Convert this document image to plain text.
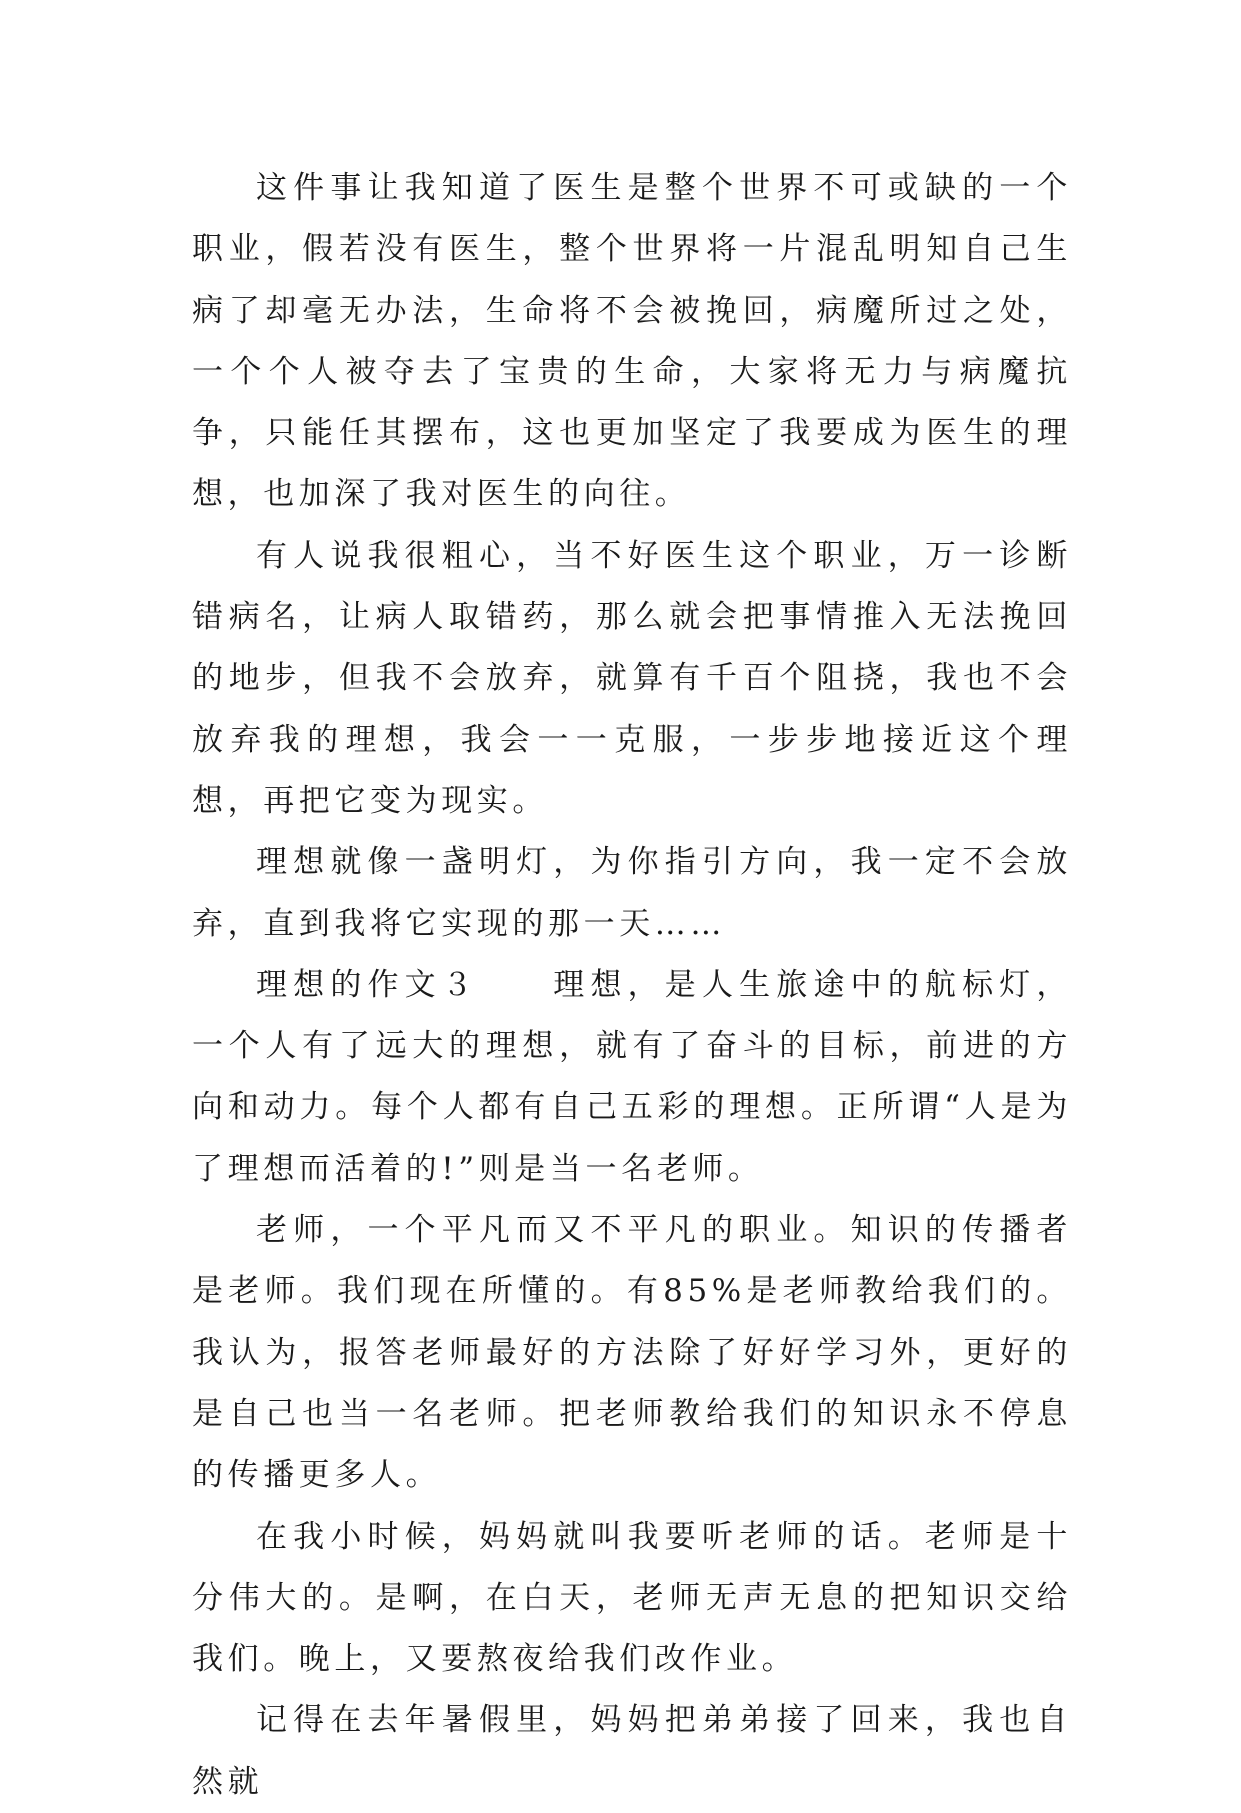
这件事让我知道了医生是整个世界不可或缺的一个职业，假若没有医生，整个世界将一片混乱明知自己生病了却毫无办法，生命将不会被挽回，病魔所过之处，一个个人被夺去了宝贵的生命，大家将无力与病魔抗争，只能任其摆布，这也更加坚定了我要成为医生的理想，也加深了我对医生的向往。

有人说我很粗心，当不好医生这个职业，万一诊断错病名，让病人取错药，那么就会把事情推入无法挽回的地步，但我不会放弃，就算有千百个阻挠，我也不会放弃我的理想，我会一一克服，一步步地接近这个理想，再把它变为现实。

理想就像一盏明灯，为你指引方向，我一定不会放弃，直到我将它实现的那一天……

理想的作文３　　理想，是人生旅途中的航标灯，一个人有了远大的理想，就有了奋斗的目标，前进的方向和动力。每个人都有自己五彩的理想。正所谓“人是为了理想而活着的!”则是当一名老师。

老师，一个平凡而又不平凡的职业。知识的传播者是老师。我们现在所懂的。有85%是老师教给我们的。我认为，报答老师最好的方法除了好好学习外，更好的是自己也当一名老师。把老师教给我们的知识永不停息的传播更多人。

在我小时候，妈妈就叫我要听老师的话。老师是十分伟大的。是啊，在白天，老师无声无息的把知识交给我们。晚上，又要熬夜给我们改作业。

记得在去年暑假里，妈妈把弟弟接了回来，我也自然就
